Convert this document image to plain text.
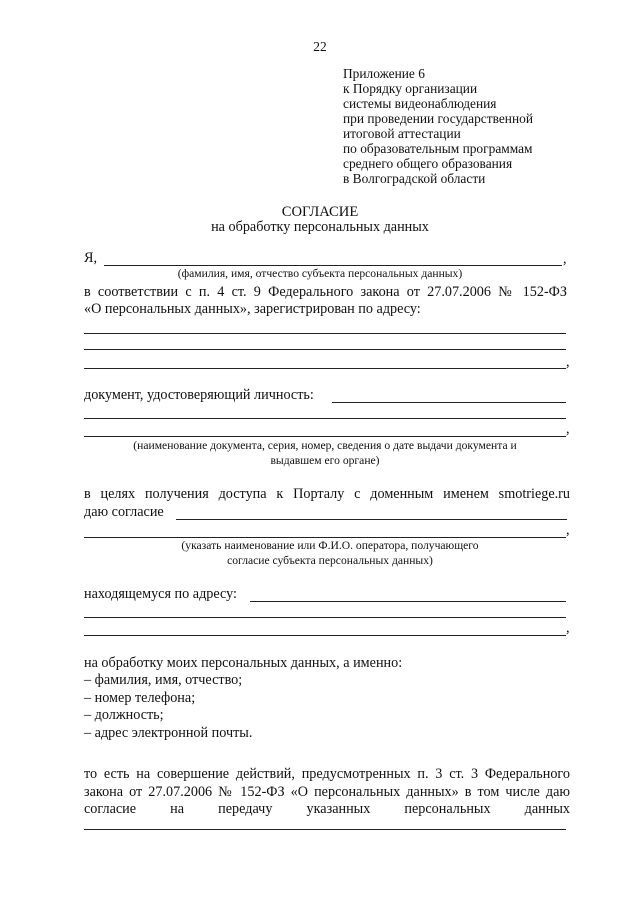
22
Приложение 6
к Порядку организации
системы видеонаблюдения
при проведении государственной
итоговой аттестации
по образовательным программам
среднего общего образования
в Волгоградской области
СОГЛАСИЕ
на обработку персональных данных
Я,	,
(фамилия, имя, отчество субъекта персональных данных)
в соответствии с п. 4 ст. 9 Федерального закона от 27.07.2006 № 152-ФЗ
«О персональных данных», зарегистрирован по адресу:
,
документ, удостоверяющий личность:
,
(наименование документа, серия, номер, сведения о дате выдачи документа и
выдавшем его органе)
в целях получения доступа к Порталу с доменным именем smotriege.ru
даю согласие
,
(указать наименование или Ф.И.О. оператора, получающего
согласие субъекта персональных данных)
находящемуся по адресу:
,
на обработку моих персональных данных, а именно:
– фамилия, имя, отчество;
– номер телефона;
– должность;
– адрес электронной почты.
то есть на совершение действий, предусмотренных п. 3 ст. 3 Федерального
закона от 27.07.2006 № 152-ФЗ «О персональных данных» в том числе даю
согласие на передачу указанных персональных данных
